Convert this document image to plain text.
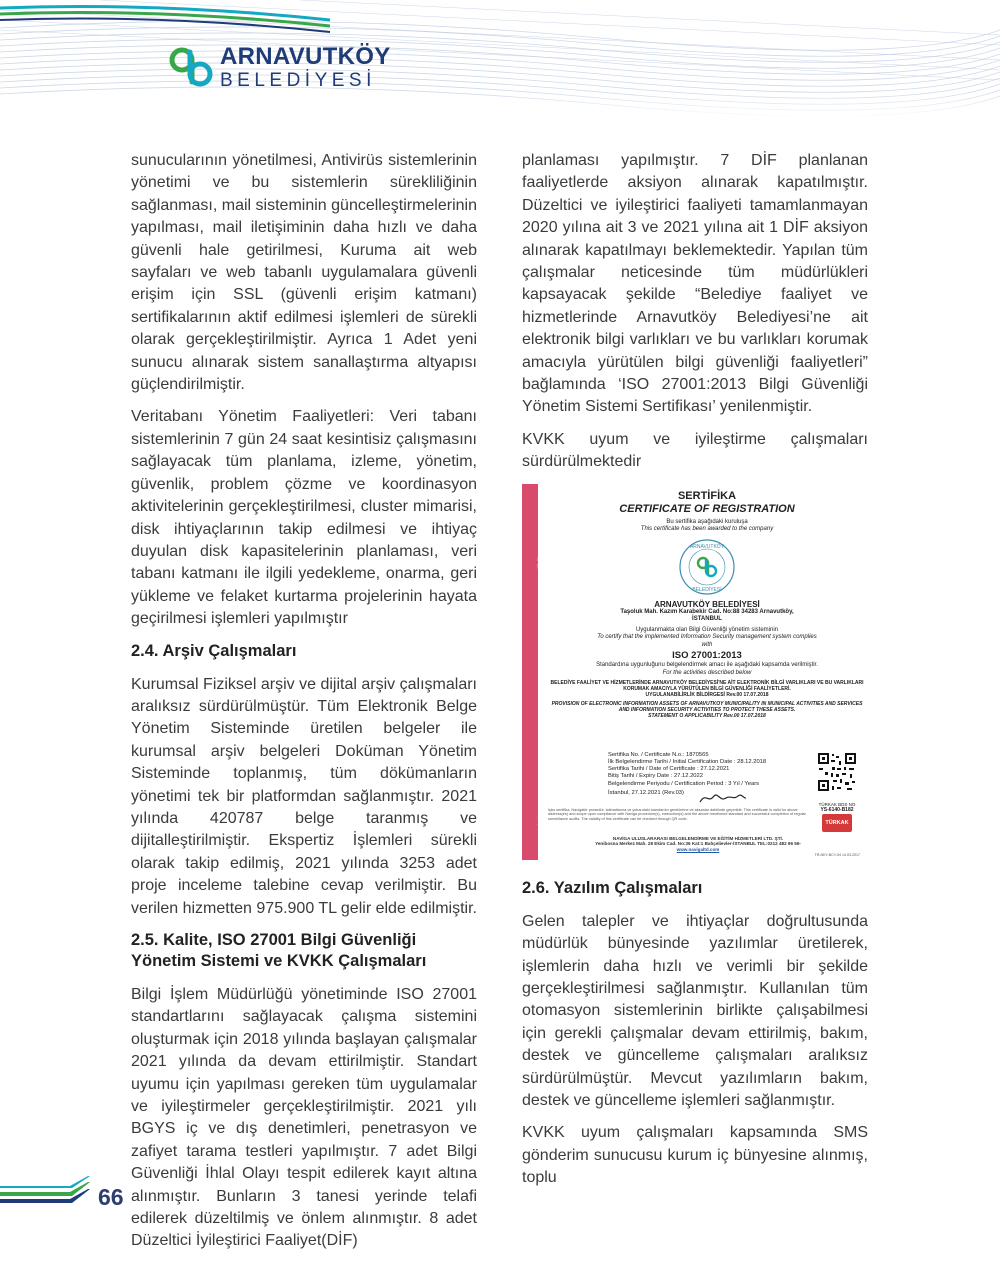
ARNAVUTKÖY
BELEDİYESİ

sunucularının yönetilmesi, Antivirüs sistemlerinin yönetimi ve bu sistemlerin sürekliliğinin sağlanması, mail sisteminin güncelleştirmelerinin yapılması, mail iletişiminin daha hızlı ve daha güvenli hale getirilmesi, Kuruma ait web sayfaları ve web tabanlı uygulamalara güvenli erişim için SSL (güvenli erişim katmanı) sertifikalarının aktif edilmesi işlemleri de sürekli olarak gerçekleştirilmiştir. Ayrıca 1 Adet yeni sunucu alınarak sistem sanallaştırma altyapısı güçlendirilmiştir.

Veritabanı Yönetim Faaliyetleri: Veri tabanı sistemlerinin 7 gün 24 saat kesintisiz çalışmasını sağlayacak tüm planlama, izleme, yönetim, güvenlik, problem çözme ve koordinasyon aktivitelerinin gerçekleştirilmesi, cluster mimarisi, disk ihtiyaçlarının takip edilmesi ve ihtiyaç duyulan disk kapasitelerinin planlaması, veri tabanı katmanı ile ilgili yedekleme, onarma, geri yükleme ve felaket kurtarma projelerinin hayata geçirilmesi işlemleri yapılmıştır

2.4. Arşiv Çalışmaları

Kurumsal Fiziksel arşiv ve dijital arşiv çalışmaları aralıksız sürdürülmüştür. Tüm Elektronik Belge Yönetim Sisteminde üretilen belgeler ile kurumsal arşiv belgeleri Doküman Yönetim Sisteminde toplanmış, tüm dökümanların yönetimi tek bir platformdan sağlanmıştır. 2021 yılında 420787 belge taranmış ve dijitalleştirilmiştir. Ekspertiz İşlemleri sürekli olarak takip edilmiş, 2021 yılında 3253 adet proje inceleme talebine cevap verilmiştir. Bu verilen hizmetten 975.900 TL gelir elde edilmiştir.

2.5. Kalite, ISO 27001 Bilgi Güvenliği Yönetim Sistemi ve KVKK Çalışmaları

Bilgi İşlem Müdürlüğü yönetiminde ISO 27001 standartlarını sağlayacak çalışma sistemini oluşturmak için 2018 yılında başlayan çalışmalar 2021 yılında da devam ettirilmiştir. Standart uyumu için yapılması gereken tüm uygulamalar ve iyileştirmeler gerçekleştirilmiştir. 2021 yılı BGYS iç ve dış denetimleri, penetrasyon ve zafiyet tarama testleri yapılmıştır. 7 adet Bilgi Güvenliği İhlal Olayı tespit edilerek kayıt altına alınmıştır. Bunların 3 tanesi yerinde telafi edilerek düzeltilmiş ve önlem alınmıştır. 8 adet Düzeltici İyileştirici Faaliyet(DİF)

planlaması yapılmıştır. 7 DİF planlanan faaliyetlerde aksiyon alınarak kapatılmıştır. Düzeltici ve iyileştirici faaliyeti tamamlanmayan 2020 yılına ait 3 ve 2021 yılına ait 1 DİF aksiyon alınarak kapatılmayı beklemektedir. Yapılan tüm çalışmalar neticesinde tüm müdürlükleri kapsayacak şekilde “Belediye faaliyet ve hizmetlerinde Arnavutköy Belediyesi’ne ait elektronik bilgi varlıkları ve bu varlıkları korumak amacıyla yürütülen bilgi güvenliği faaliyetleri” bağlamında ‘ISO 27001:2013 Bilgi Güvenliği Yönetim Sistemi Sertifikası’ yenilenmiştir.

KVKK uyum ve iyileştirme çalışmaları sürdürülmektedir

SERTİFİKA | ZERTIFIKAT | CERTIFICATE | CERTIFICADO | СЕРТИФИКАТ | شهادة | 证书
SERTİFİKA
CERTIFICATE OF REGISTRATION
Bu sertifika aşağıdaki kuruluşa
This certificate has been awarded to the company
ARNAVUTKÖY
BELEDİYESİ
ARNAVUTKÖY BELEDİYESİ
Taşoluk Mah. Kazım Karabekir Cad. No:88 34283 Arnavutköy,
İSTANBUL
Uygulanmakta olan Bilgi Güvenliği yönetim sisteminin
To certify that the implemented Information Security management system complies
with
ISO 27001:2013
Standardına uygunluğunu belgelendirmek amacı ile aşağıdaki kapsamda verilmiştir.
For the activities described below
BELEDİYE FAALİYET VE HİZMETLERİNDE ARNAVUTKÖY BELEDİYESİ'NE AİT ELEKTRONİK BİLGİ VARLIKLARI VE BU VARLIKLARI KORUMAK AMACIYLA YÜRÜTÜLEN BİLGİ GÜVENLİĞİ FAALİYETLERİ.
UYGULANABİLİRLİK BİLDİRGESİ Rev.00 17.07.2018
PROVISION OF ELECTRONIC INFORMATION ASSETS OF ARNAVUTKOY MUNICIPALITY IN MUNICIPAL ACTIVITIES AND SERVICES AND INFORMATION SECURITY ACTIVITIES TO PROTECT THESE ASSETS.
STATEMENT O APPLICABILITY Rev.00 17.07.2018
Sertifika No. / Certificate N.o.: 1870565
İlk Belgelendirme Tarihi / Initial Certification Date : 28.12.2018
Sertifika Tarihi / Date of Certificate : 27.12.2021
Bitiş Tarihi / Expiry Date : 27.12.2022
Belgelendirme Periyodu / Certification Period : 3 Yıl / Years
İstanbul, 27.12.2021 (Rev.03)
TÜRKAK BDS NO
YS-6140-B182
TÜRKAK
İşbu sertifika, Navigatör prosedür, talimatlarına ve yukarıdaki standardın gereklerine ve aksanlar dahilinde geçerlidir. This certificate is valid for above address(es) and scope upon compliance with Naviga procedure(s), instruction(s) and the above mentioned standard and successful completion of regular surveillance audits. The validity of this certificate can be checked through QR code.
NAVİGA ULUSLARARASI BELGELENDİRME VE EĞİTİM HİZMETLERİ LTD. ŞTİ.
Yenibosna Merkez Mah. 28 Ekim Cad. No:36 Kat:1 Bahçelievler-İSTANBUL TEL:0212 482 96 56-
www.navigaltd.com
TR-NKY-BCY-04 14.03.2017
2.6. Yazılım Çalışmaları

Gelen talepler ve ihtiyaçlar doğrultusunda müdürlük bünyesinde yazılımlar üretilerek, işlemlerin daha hızlı ve verimli bir şekilde gerçekleştirilmesi sağlanmıştır. Kullanılan tüm otomasyon sistemlerinin birlikte çalışabilmesi için gerekli çalışmalar devam ettirilmiş, bakım, destek ve güncelleme çalışmaları aralıksız sürdürülmüştür. Mevcut yazılımların bakım, destek ve güncelleme işlemleri sağlanmıştır.

KVKK uyum çalışmaları kapsamında SMS gönderim sunucusu kurum iç bünyesine alınmış, toplu

66
